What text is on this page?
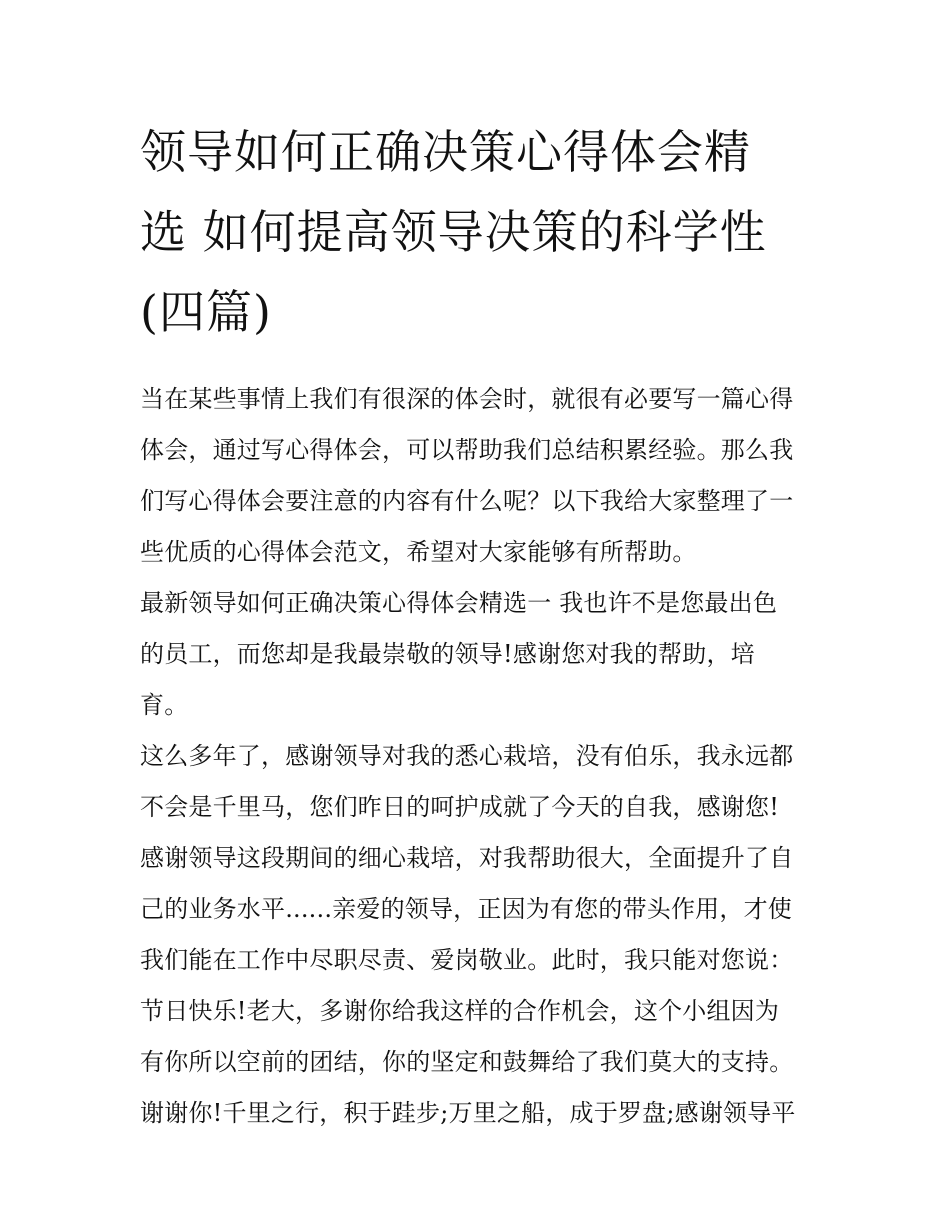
领导如何正确决策心得体会精
选 如何提高领导决策的科学性
(四篇)
当在某些事情上我们有很深的体会时，就很有必要写一篇心得
体会，通过写心得体会，可以帮助我们总结积累经验。那么我
们写心得体会要注意的内容有什么呢？以下我给大家整理了一
些优质的心得体会范文，希望对大家能够有所帮助。
最新领导如何正确决策心得体会精选一 我也许不是您最出色
的员工，而您却是我最崇敬的领导!感谢您对我的帮助，培
育。
这么多年了，感谢领导对我的悉心栽培，没有伯乐，我永远都
不会是千里马，您们昨日的呵护成就了今天的自我，感谢您!
感谢领导这段期间的细心栽培，对我帮助很大，全面提升了自
己的业务水平......亲爱的领导，正因为有您的带头作用，才使
我们能在工作中尽职尽责、爱岗敬业。此时，我只能对您说：
节日快乐!老大，多谢你给我这样的合作机会，这个小组因为
有你所以空前的团结，你的坚定和鼓舞给了我们莫大的支持。
谢谢你!千里之行，积于跬步;万里之船，成于罗盘;感谢领导平
